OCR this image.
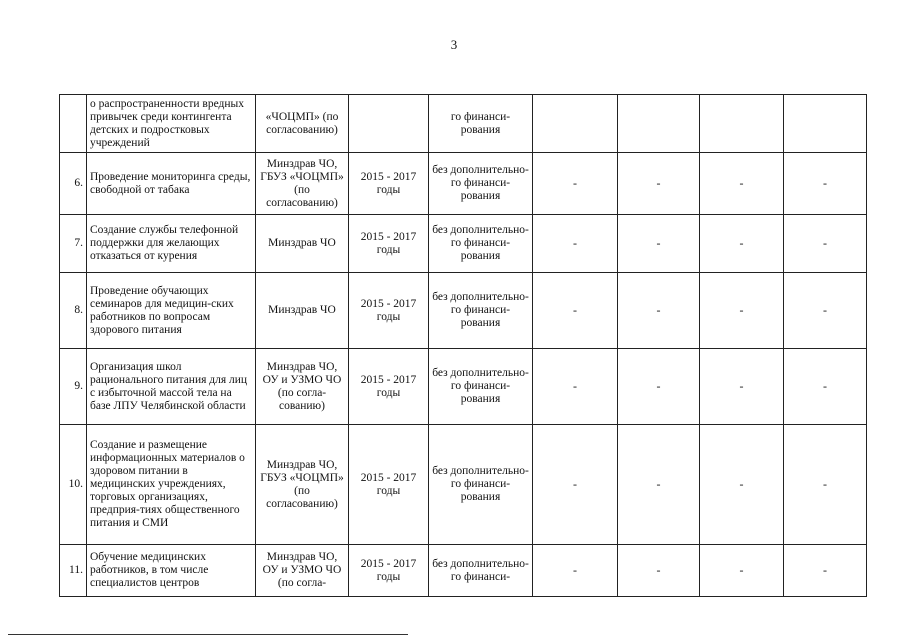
3
	о распространенности вредных привычек среди контингента детских и подростковых учреждений	«ЧОЦМП» (по согласованию)		го финанси-рования				
6.	Проведение мониторинга среды, свободной от табака	Минздрав ЧО, ГБУЗ «ЧОЦМП» (по согласованию)	2015 - 2017 годы	без дополнительно-го финанси-рования	-	-	-	-
7.	Создание службы телефонной поддержки для желающих отказаться от курения	Минздрав ЧО	2015 - 2017 годы	без дополнительно-го финанси-рования	-	-	-	-
8.	Проведение обучающих семинаров для медицин-ских работников по вопросам здорового питания	Минздрав ЧО	2015 - 2017 годы	без дополнительно-го финанси-рования	-	-	-	-
9.	Организация школ рационального питания для лиц с избыточной массой тела на базе ЛПУ Челябинской области	Минздрав ЧО, ОУ и УЗМО ЧО (по согла-сованию)	2015 - 2017 годы	без дополнительно-го финанси-рования	-	-	-	-
10.	Создание и размещение информационных материалов о здоровом питании в медицинских учреждениях, торговых организациях, предприя-тиях общественного питания и СМИ	Минздрав ЧО, ГБУЗ «ЧОЦМП» (по согласованию)	2015 - 2017 годы	без дополнительно-го финанси-рования	-	-	-	-
11.	Обучение медицинских работников, в том числе специалистов центров	Минздрав ЧО, ОУ и УЗМО ЧО (по согла-	2015 - 2017 годы	без дополнительно-го финанси-	-	-	-	-
